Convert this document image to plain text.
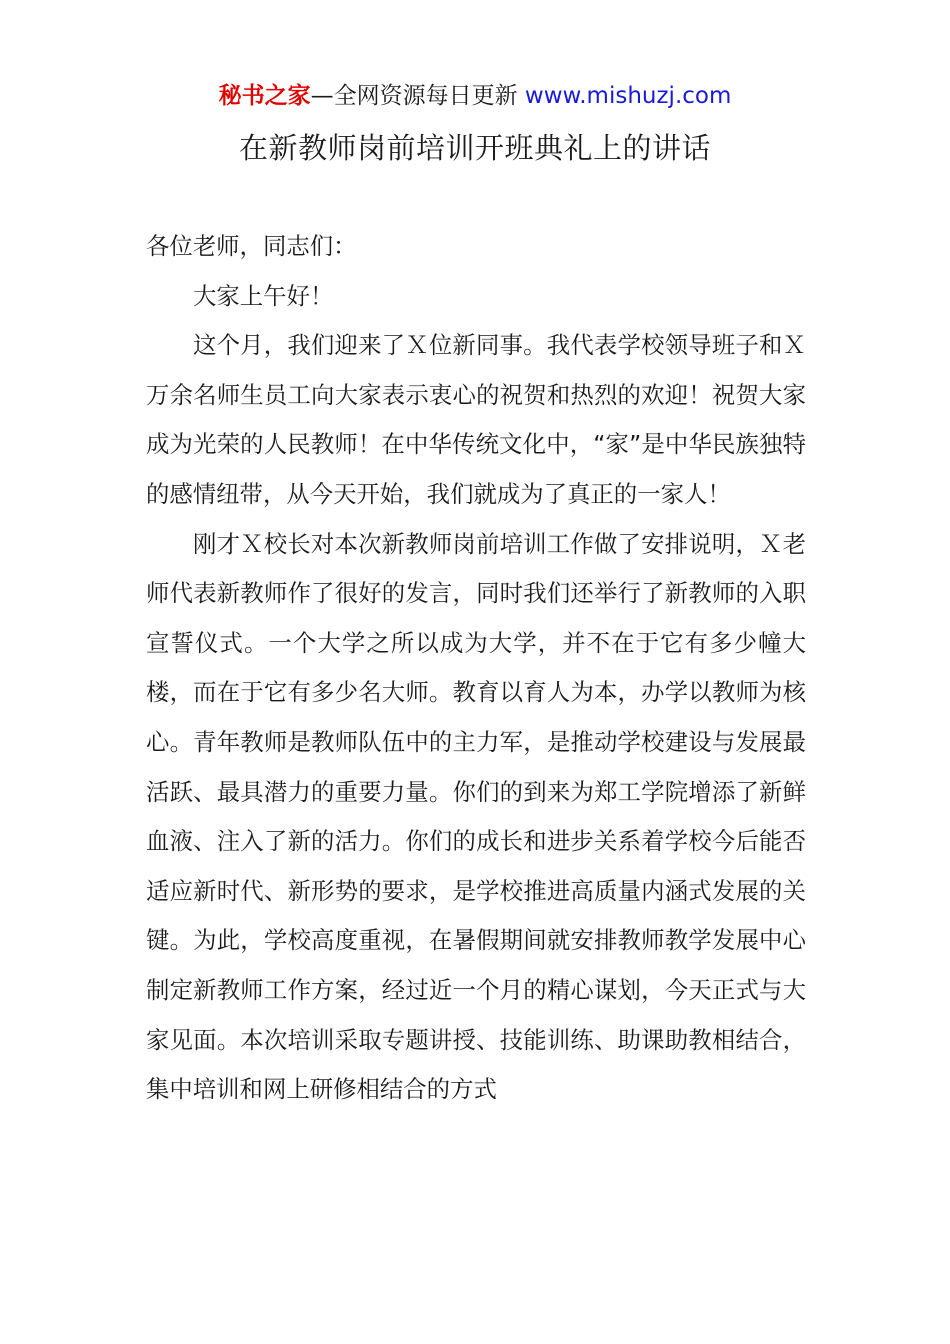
秘书之家—全网资源每日更新 www.mishuzj.com
在新教师岗前培训开班典礼上的讲话

各位老师，同志们：

大家上午好！

这个月，我们迎来了Ｘ位新同事。我代表学校领导班子和Ｘ万余名师生员工向大家表示衷心的祝贺和热烈的欢迎！祝贺大家成为光荣的人民教师！在中华传统文化中，“家”是中华民族独特的感情纽带，从今天开始，我们就成为了真正的一家人！

刚才Ｘ校长对本次新教师岗前培训工作做了安排说明，Ｘ老师代表新教师作了很好的发言，同时我们还举行了新教师的入职宣誓仪式。一个大学之所以成为大学，并不在于它有多少幢大楼，而在于它有多少名大师。教育以育人为本，办学以教师为核心。青年教师是教师队伍中的主力军，是推动学校建设与发展最活跃、最具潜力的重要力量。你们的到来为郑工学院增添了新鲜血液、注入了新的活力。你们的成长和进步关系着学校今后能否适应新时代、新形势的要求，是学校推进高质量内涵式发展的关键。为此，学校高度重视，在暑假期间就安排教师教学发展中心制定新教师工作方案，经过近一个月的精心谋划，今天正式与大家见面。本次培训采取专题讲授、技能训练、助课助教相结合，集中培训和网上研修相结合的方式
